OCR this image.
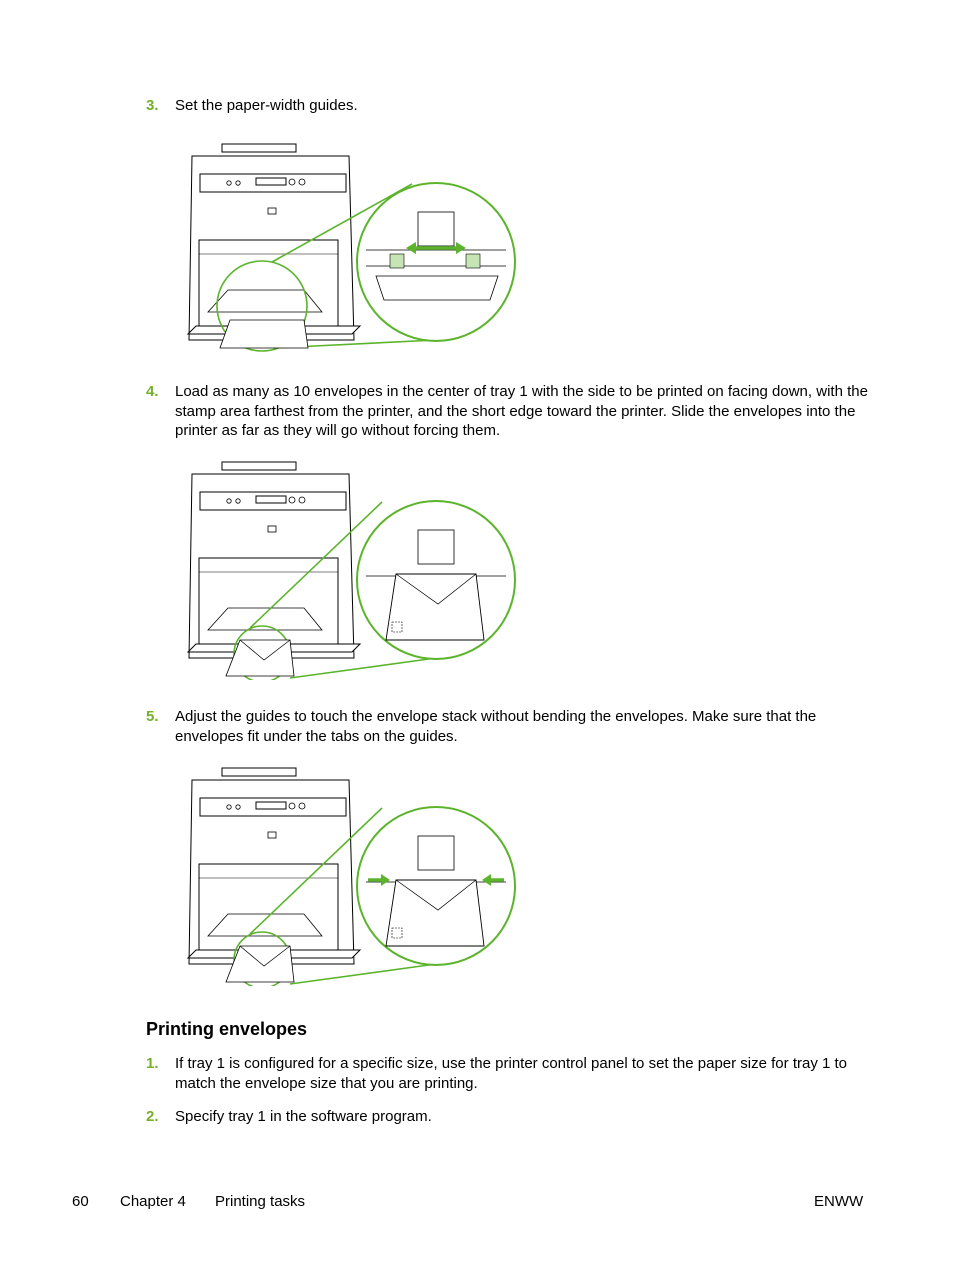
3.	Set the paper-width guides.
4.	Load as many as 10 envelopes in the center of tray 1 with the side to be printed on facing down, with the stamp area farthest from the printer, and the short edge toward the printer. Slide the envelopes into the printer as far as they will go without forcing them.
5.	Adjust the guides to touch the envelope stack without bending the envelopes. Make sure that the envelopes fit under the tabs on the guides.
Printing envelopes
1.	If tray 1 is configured for a specific size, use the printer control panel to set the paper size for tray 1 to match the envelope size that you are printing.
2.	Specify tray 1 in the software program.
60 Chapter 4 Printing tasks	ENWW
